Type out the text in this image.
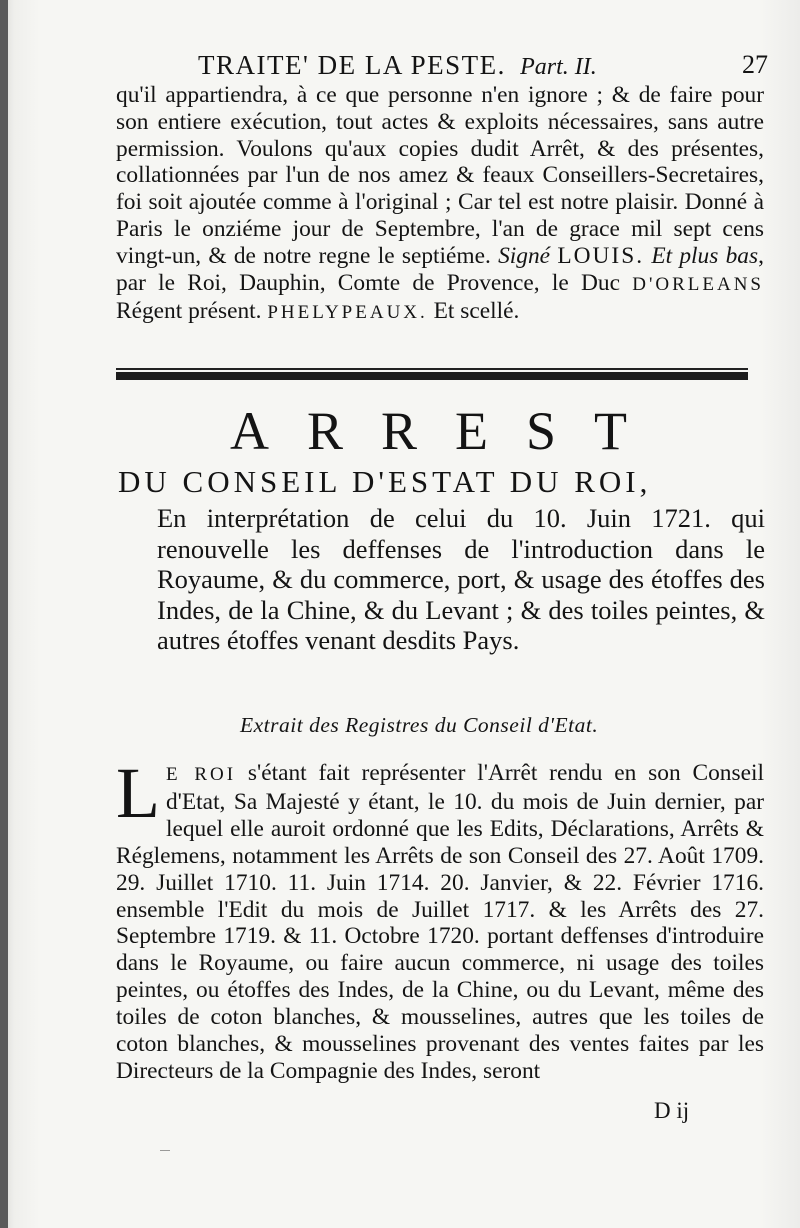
TRAITE' DE LA PESTE. Part. II.	27

qu'il appartiendra, à ce que personne n'en ignore ; & de faire pour son entiere exécution, tout actes & exploits nécessaires, sans autre permission. Voulons qu'aux copies dudit Arrêt, & des présentes, collationnées par l'un de nos amez & feaux Conseillers-Secretaires, foi soit ajoutée comme à l'original ; Car tel est notre plaisir. Donné à Paris le onziéme jour de Septembre, l'an de grace mil sept cens vingt-un, & de notre regne le septiéme. Signé LOUIS. Et plus bas, par le Roi, Dauphin, Comte de Provence, le Duc D'ORLEANS Régent présent. PHELYPEAUX. Et scellé.

ARREST
DU CONSEIL D'ESTAT DU ROI,

En interprétation de celui du 10. Juin 1721. qui renouvelle les deffenses de l'introduction dans le Royaume, & du commerce, port, & usage des étoffes des Indes, de la Chine, & du Levant ; & des toiles peintes, & autres étoffes venant desdits Pays.

Extrait des Registres du Conseil d'Etat.

L E ROI s'étant fait représenter l'Arrêt rendu en son Conseil d'Etat, Sa Majesté y étant, le 10. du mois de Juin dernier, par lequel elle auroit ordonné que les Edits, Déclarations, Arrêts & Réglemens, notamment les Arrêts de son Conseil des 27. Août 1709. 29. Juillet 1710. 11. Juin 1714. 20. Janvier, & 22. Février 1716. ensemble l'Edit du mois de Juillet 1717. & les Arrêts des 27. Septembre 1719. & 11. Octobre 1720. portant deffenses d'introduire dans le Royaume, ou faire aucun commerce, ni usage des toiles peintes, ou étoffes des Indes, de la Chine, ou du Levant, même des toiles de coton blanches, & mousselines, autres que les toiles de coton blanches, & mousselines provenant des ventes faites par les Directeurs de la Compagnie des Indes, seront

D ij
